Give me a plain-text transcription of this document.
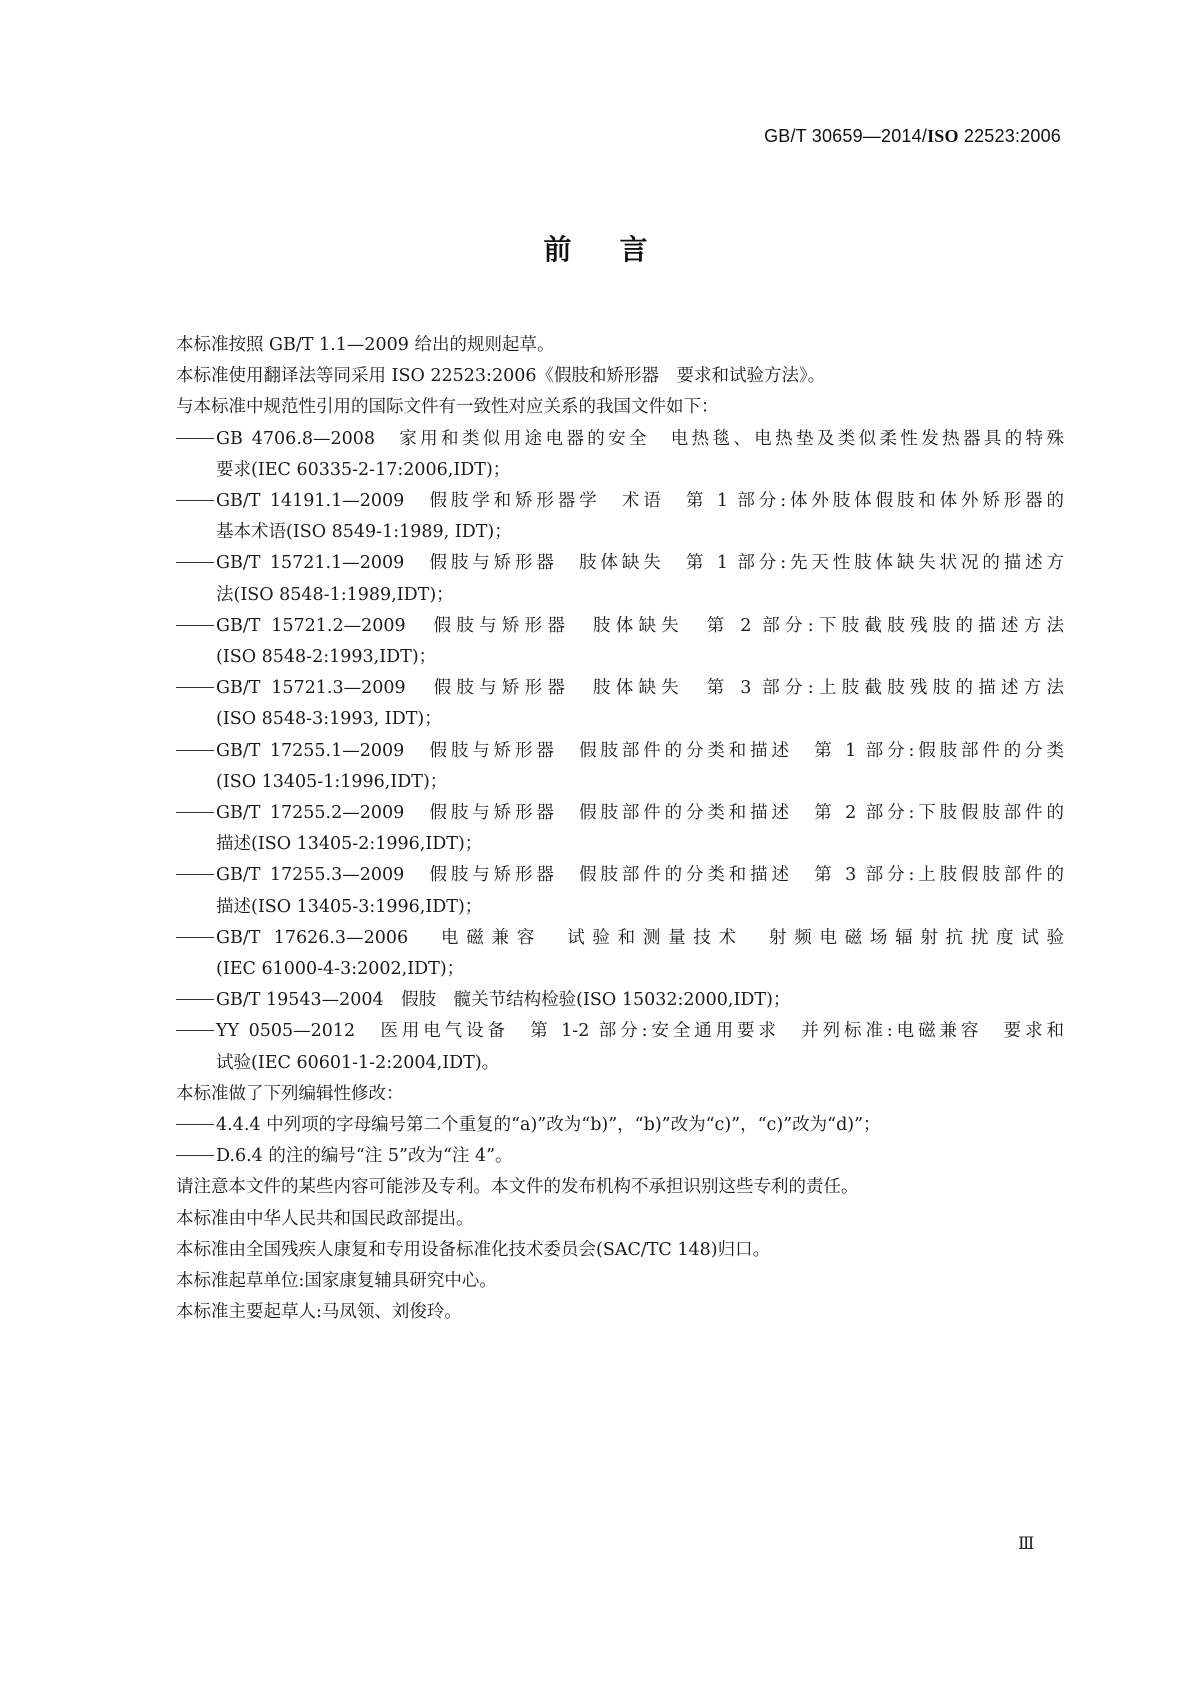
GB/T 30659—2014/ISO 22523:2006
前言

本标准按照 GB/T 1.1—2009 给出的规则起草。

本标准使用翻译法等同采用 ISO 22523:2006《假肢和矫形器　要求和试验方法》。

与本标准中规范性引用的国际文件有一致性对应关系的我国文件如下：

GB 4706.8—2008　家用和类似用途电器的安全　电热毯、电热垫及类似柔性发热器具的特殊
要求(IEC 60335-2-17:2006,IDT)；
GB/T 14191.1—2009　假肢学和矫形器学　术语　第 1 部分:体外肢体假肢和体外矫形器的
基本术语(ISO 8549-1:1989, IDT)；
GB/T 15721.1—2009　假肢与矫形器　肢体缺失　第 1 部分:先天性肢体缺失状况的描述方
法(ISO 8548-1:1989,IDT)；
GB/T 15721.2—2009　假肢与矫形器　肢体缺失　第 2 部分:下肢截肢残肢的描述方法
(ISO 8548-2:1993,IDT)；
GB/T 15721.3—2009　假肢与矫形器　肢体缺失　第 3 部分:上肢截肢残肢的描述方法
(ISO 8548-3:1993, IDT)；
GB/T 17255.1—2009　假肢与矫形器　假肢部件的分类和描述　第 1 部分:假肢部件的分类
(ISO 13405-1:1996,IDT)；
GB/T 17255.2—2009　假肢与矫形器　假肢部件的分类和描述　第 2 部分:下肢假肢部件的
描述(ISO 13405-2:1996,IDT)；
GB/T 17255.3—2009　假肢与矫形器　假肢部件的分类和描述　第 3 部分:上肢假肢部件的
描述(ISO 13405-3:1996,IDT)；
GB/T 17626.3—2006　电磁兼容　试验和测量技术　射频电磁场辐射抗扰度试验
(IEC 61000-4-3:2002,IDT)；
GB/T 19543—2004　假肢　髋关节结构检验(ISO 15032:2000,IDT)；
YY 0505—2012　医用电气设备　第 1-2 部分:安全通用要求　并列标准:电磁兼容　要求和
试验(IEC 60601-1-2:2004,IDT)。

本标准做了下列编辑性修改：

4.4.4 中列项的字母编号第二个重复的“a)”改为“b)”，“b)”改为“c)”，“c)”改为“d)”；
D.6.4 的注的编号“注 5”改为“注 4”。

请注意本文件的某些内容可能涉及专利。本文件的发布机构不承担识别这些专利的责任。

本标准由中华人民共和国民政部提出。

本标准由全国残疾人康复和专用设备标准化技术委员会(SAC/TC 148)归口。

本标准起草单位:国家康复辅具研究中心。

本标准主要起草人:马凤领、刘俊玲。

Ⅲ
